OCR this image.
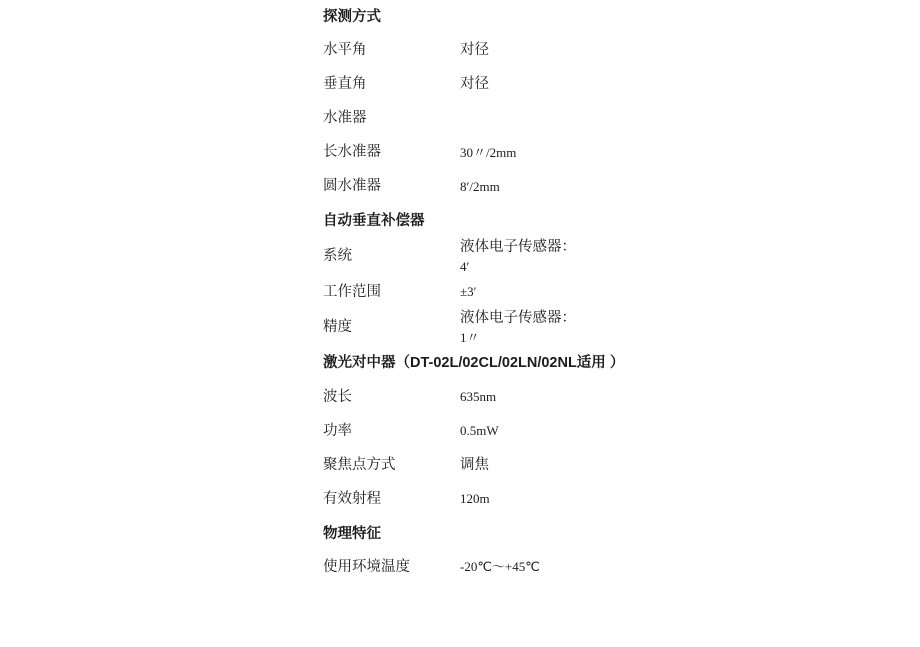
探测方式	
水平角	对径
垂直角	对径
水准器	
长水准器	30〃/2mm
圆水准器	8′/2mm
自动垂直补偿器	
系统	液体电子传感器：
4′

工作范围	±3′
精度	液体电子传感器：
1〃

激光对中器（DT-02L/02CL/02LN/02NL适用 ）	
波长	635nm
功率	0.5mW
聚焦点方式	调焦
有效射程	120m
物理特征	
使用环境温度	-20℃～+45℃
